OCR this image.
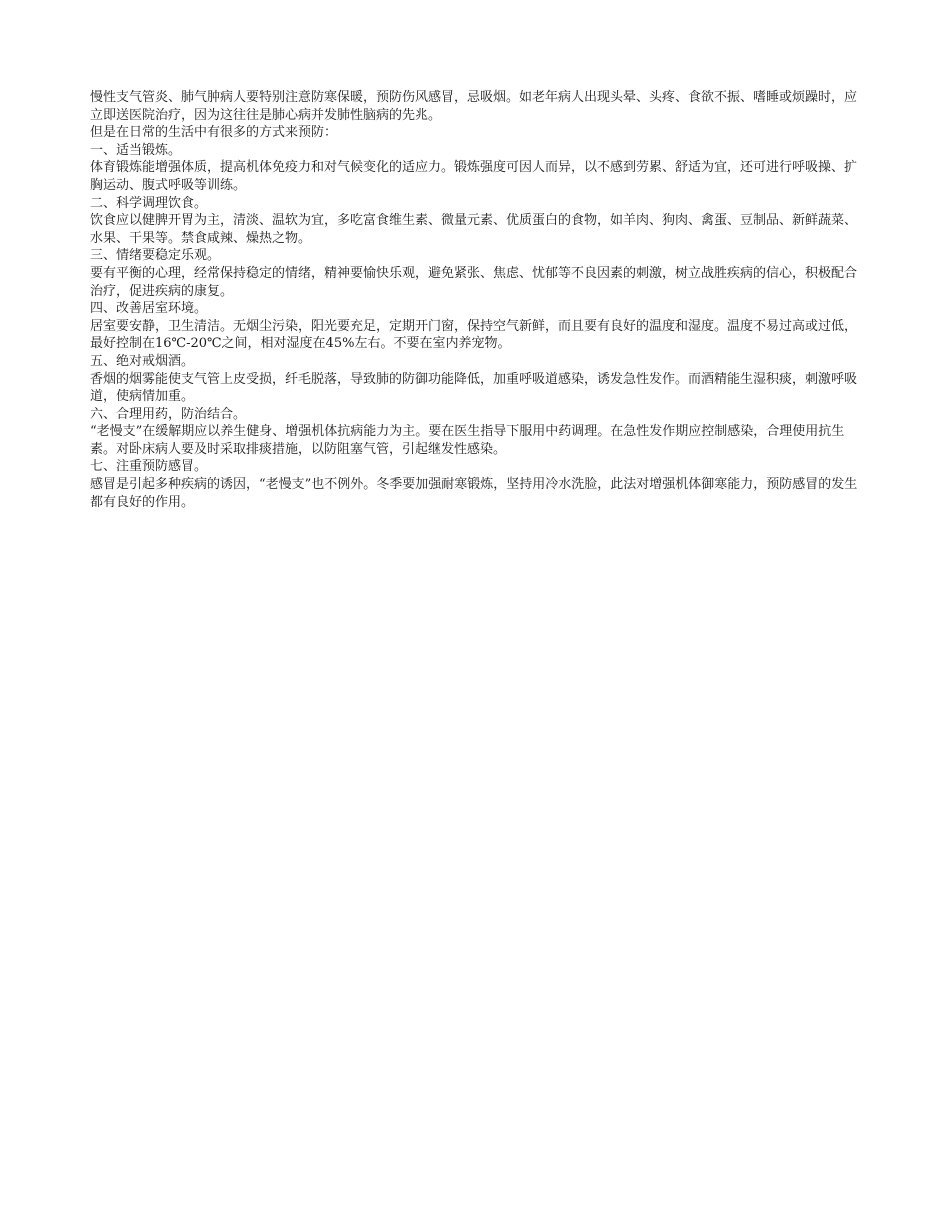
慢性支气管炎、肺气肿病人要特别注意防寒保暖，预防伤风感冒，忌吸烟。如老年病人出现头晕、头疼、食欲不振、嗜睡或烦躁时，应立即送医院治疗，因为这往往是肺心病并发肺性脑病的先兆。

但是在日常的生活中有很多的方式来预防：

一、适当锻炼。

体育锻炼能增强体质，提高机体免疫力和对气候变化的适应力。锻炼强度可因人而异，以不感到劳累、舒适为宜，还可进行呼吸操、扩胸运动、腹式呼吸等训练。

二、科学调理饮食。

饮食应以健脾开胃为主，清淡、温软为宜，多吃富食维生素、微量元素、优质蛋白的食物，如羊肉、狗肉、禽蛋、豆制品、新鲜蔬菜、水果、干果等。禁食咸辣、燥热之物。

三、情绪要稳定乐观。

要有平衡的心理，经常保持稳定的情绪，精神要愉快乐观，避免紧张、焦虑、忧郁等不良因素的刺激，树立战胜疾病的信心，积极配合治疗，促进疾病的康复。

四、改善居室环境。

居室要安静，卫生清洁。无烟尘污染，阳光要充足，定期开门窗，保持空气新鲜，而且要有良好的温度和湿度。温度不易过高或过低，最好控制在16℃-20℃之间，相对湿度在45%左右。不要在室内养宠物。

五、绝对戒烟酒。

香烟的烟雾能使支气管上皮受损，纤毛脱落，导致肺的防御功能降低，加重呼吸道感染，诱发急性发作。而酒精能生湿积痰，刺激呼吸道，使病情加重。

六、合理用药，防治结合。

“老慢支”在缓解期应以养生健身、增强机体抗病能力为主。要在医生指导下服用中药调理。在急性发作期应控制感染，合理使用抗生素。对卧床病人要及时采取排痰措施，以防阻塞气管，引起继发性感染。

七、注重预防感冒。

感冒是引起多种疾病的诱因，“老慢支”也不例外。冬季要加强耐寒锻炼，坚持用冷水洗脸，此法对增强机体御寒能力，预防感冒的发生都有良好的作用。
